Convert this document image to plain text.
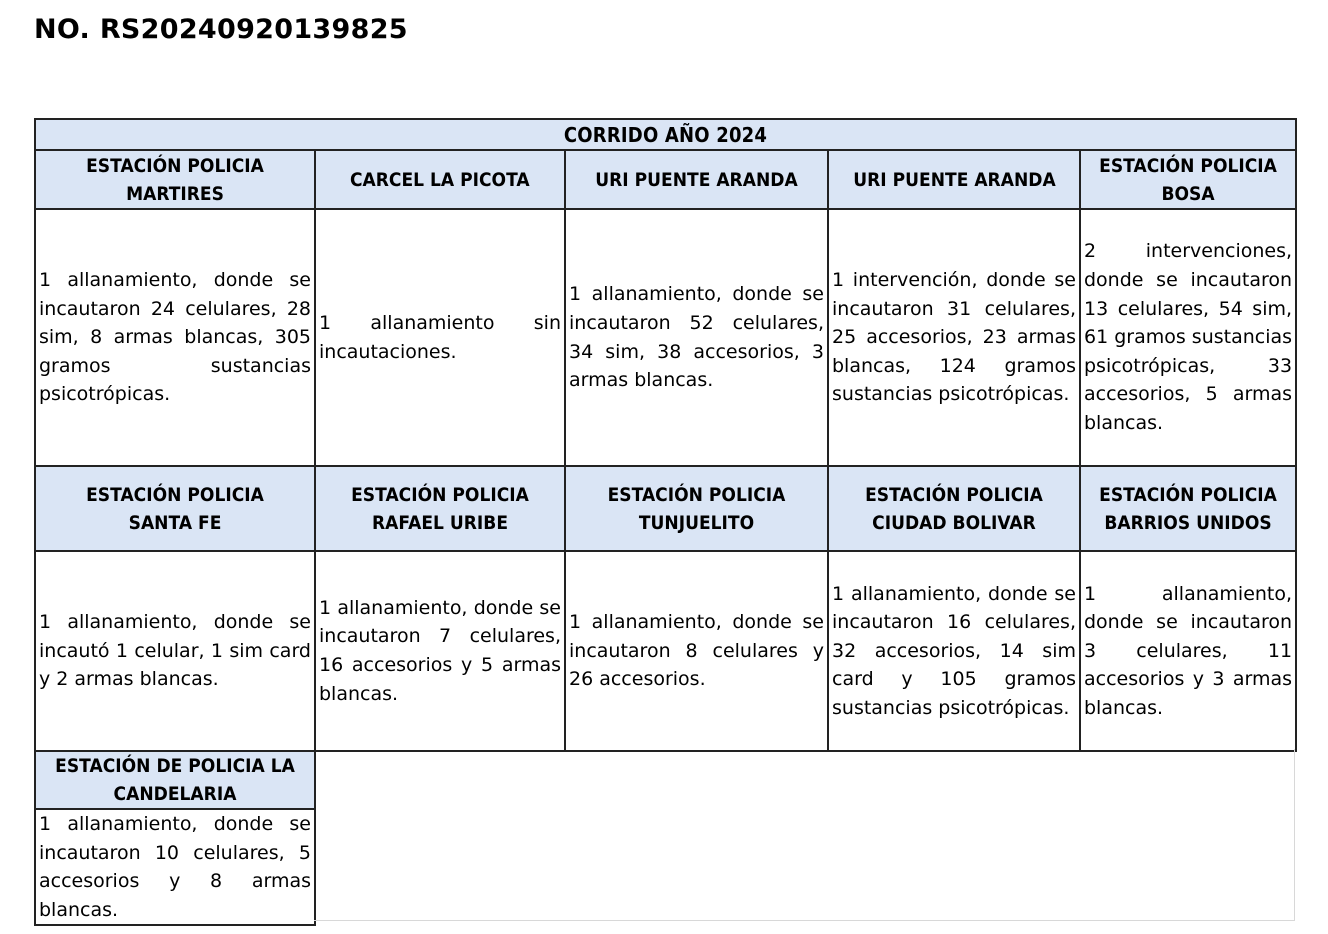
NO. RS20240920139825
CORRIDO AÑO 2024				
ESTACIÓN POLICIA MARTIRES	CARCEL LA PICOTA	URI PUENTE ARANDA	URI PUENTE ARANDA	ESTACIÓN POLICIA BOSA

1 allanamiento, donde se incautaron 24 celulares, 28 sim, 8 armas blancas, 305 gramos sustancias psicotrópicas.	1 allanamiento sin incautaciones.	1 allanamiento, donde se incautaron 52 celulares, 34 sim, 38 accesorios, 3 armas blancas.	1 intervención, donde se incautaron 31 celulares, 25 accesorios, 23 armas blancas, 124 gramos sustancias psicotrópicas.	2 intervenciones, donde se incautaron 13 celulares, 54 sim, 61 gramos sustancias psicotrópicas, 33 accesorios, 5 armas blancas.

ESTACIÓN POLICIA SANTA FE	ESTACIÓN POLICIA RAFAEL URIBE	ESTACIÓN POLICIA TUNJUELITO	ESTACIÓN POLICIA CIUDAD BOLIVAR	ESTACIÓN POLICIA BARRIOS UNIDOS

1 allanamiento, donde se incautó 1 celular, 1 sim card y 2 armas blancas.	1 allanamiento, donde se incautaron 7 celulares, 16 accesorios y 5 armas blancas.	1 allanamiento, donde se incautaron 8 celulares y 26 accesorios.	1 allanamiento, donde se incautaron 16 celulares, 32 accesorios, 14 sim card y 105 gramos sustancias psicotrópicas.	1 allanamiento, donde se incautaron 3 celulares, 11 accesorios y 3 armas blancas.

ESTACIÓN DE POLICIA LA CANDELARIA				

1 allanamiento, donde se incautaron 10 celulares, 5 accesorios y 8 armas blancas.				
